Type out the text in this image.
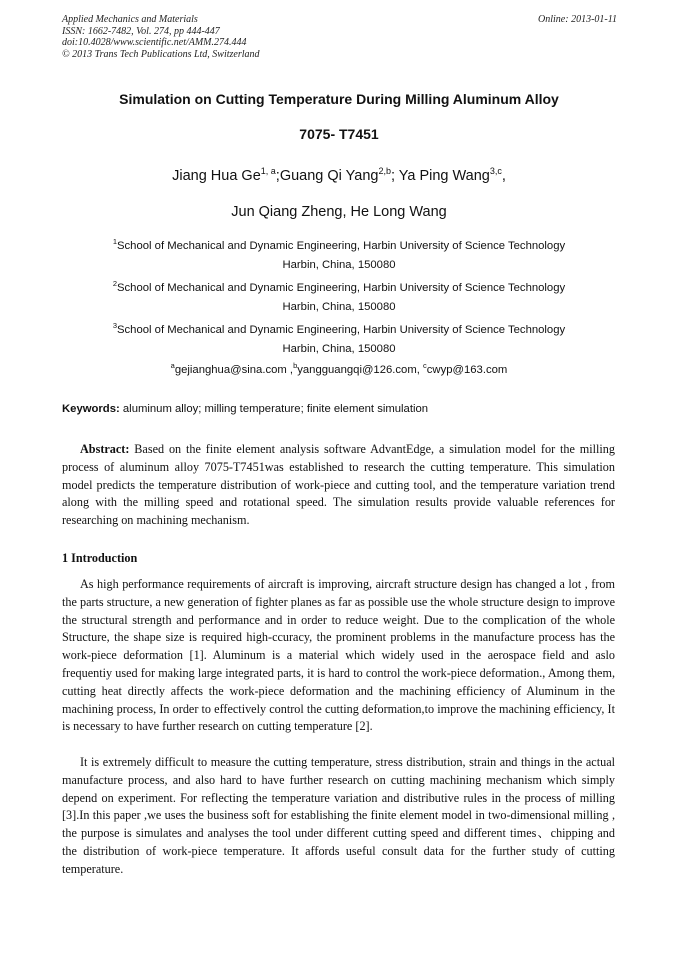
Applied Mechanics and Materials
ISSN: 1662-7482, Vol. 274, pp 444-447
doi:10.4028/www.scientific.net/AMM.274.444
© 2013 Trans Tech Publications Ltd, Switzerland
Online: 2013-01-11
Simulation on Cutting Temperature During Milling Aluminum Alloy
7075- T7451
Jiang Hua Ge$^{1, a}$;Guang Qi Yang$^{2,b}$; Ya Ping Wang$^{3,c}$,
Jun Qiang Zheng, He Long Wang
$^1$School of Mechanical and Dynamic Engineering, Harbin University of Science Technology
Harbin, China, 150080
$^2$School of Mechanical and Dynamic Engineering, Harbin University of Science Technology
Harbin, China, 150080
$^3$School of Mechanical and Dynamic Engineering, Harbin University of Science Technology
Harbin, China, 150080
$^a$gejianghua@sina.com ,$^b$yangguangqi@126.com, $^c$cwyp@163.com
Keywords: aluminum alloy; milling temperature; finite element simulation
Abstract: Based on the finite element analysis software AdvantEdge, a simulation model for the milling process of aluminum alloy 7075-T7451was established to research the cutting temperature. This simulation model predicts the temperature distribution of work-piece and cutting tool, and the temperature variation trend along with the milling speed and rotational speed. The simulation results provide valuable references for researching on machining mechanism.
1 Introduction
As high performance requirements of aircraft is improving, aircraft structure design has changed a lot , from the parts structure, a new generation of fighter planes as far as possible use the whole structure design to improve the structural strength and performance and in order to reduce weight. Due to the complication of the whole Structure, the shape size is required high-ccuracy, the prominent problems in the manufacture process has the work-piece deformation [1]. Aluminum is a material which widely used in the aerospace field and aslo frequentiy used for making large integrated parts, it is hard to control the work-piece deformation., Among them, cutting heat directly affects the work-piece deformation and the machining efficiency of Aluminum in the machining process, In order to effectively control the cutting deformation,to improve the machining efficiency, It is necessary to have further research on cutting temperature [2].
It is extremely difficult to measure the cutting temperature, stress distribution, strain and things in the actual manufacture process, and also hard to have further research on cutting machining mechanism which simply depend on experiment. For reflecting the temperature variation and distributive rules in the process of milling [3].In this paper ,we uses the business soft for establishing the finite element model in two-dimensional milling , the purpose is simulates and analyses the tool under different cutting speed and different times、chipping and the distribution of work-piece temperature. It affords useful consult data for the further study of cutting temperature.
